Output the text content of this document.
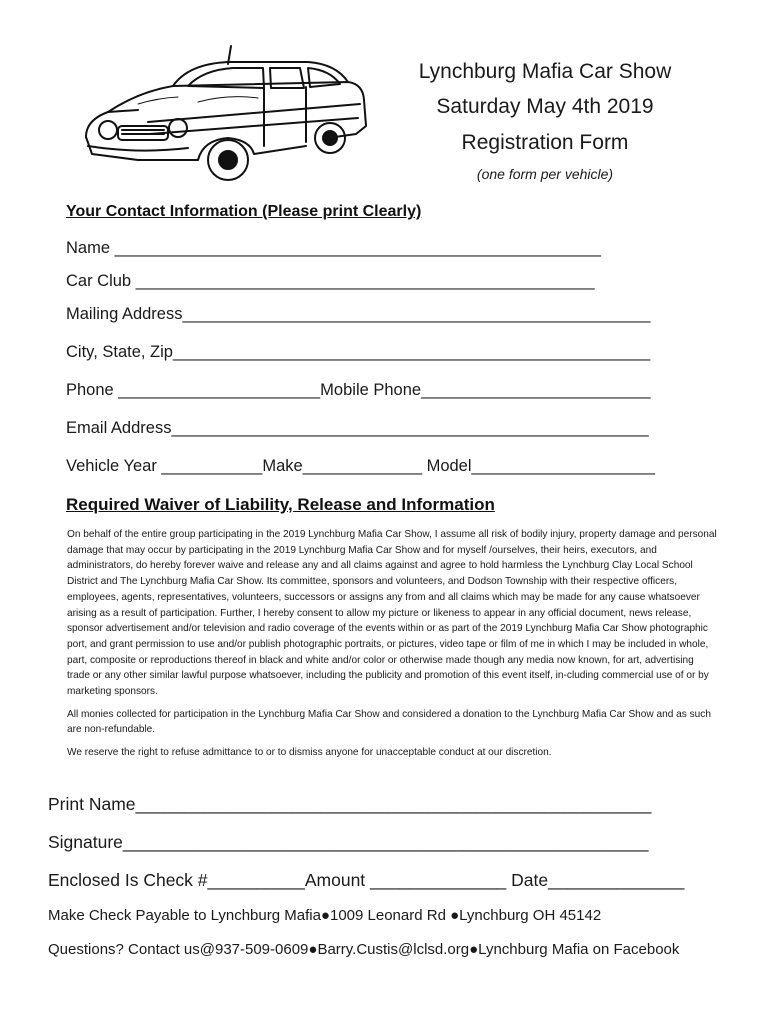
Lynchburg Mafia Car Show
Saturday May 4th 2019
Registration Form
(one form per vehicle)
Your Contact Information (Please print Clearly)
Name _____________________________________________________
Car Club __________________________________________________
Mailing Address___________________________________________________
City, State, Zip____________________________________________________
Phone ______________________Mobile Phone_________________________
Email Address____________________________________________________
Vehicle Year ___________Make_____________ Model____________________
Required Waiver of Liability, Release and Information

On behalf of the entire group participating in the 2019 Lynchburg Mafia Car Show, I assume all risk of bodily injury, property damage and personal damage that may occur by participating in the 2019 Lynchburg Mafia Car Show and for myself /ourselves, their heirs, executors, and administrators, do hereby forever waive and release any and all claims against and agree to hold harmless the Lynchburg Clay Local School District and The Lynchburg Mafia Car Show. Its committee, sponsors and volunteers, and Dodson Township with their respective officers, employees, agents, representatives, volunteers, successors or assigns any from and all claims which may be made for any cause whatsoever arising as a result of participation. Further, I hereby consent to allow my picture or likeness to appear in any official document, news release, sponsor advertisement and/or television and radio coverage of the events within or as part of the 2019 Lynchburg Mafia Car Show photographic port, and grant permission to use and/or publish photographic portraits, or pictures, video tape or film of me in which I may be included in whole, part, composite or reproductions thereof in black and white and/or color or otherwise made though any media now known, for art, advertising trade or any other similar lawful purpose whatsoever, including the publicity and promotion of this event itself, in-cluding commercial use of or by marketing sponsors.

All monies collected for participation in the Lynchburg Mafia Car Show and considered a donation to the Lynchburg Mafia Car Show and as such are non-refundable.

We reserve the right to refuse admittance to or to dismiss anyone for unacceptable conduct at our discretion.

Print Name_____________________________________________________
Signature______________________________________________________
Enclosed Is Check #__________Amount ______________ Date______________
Make Check Payable to Lynchburg Mafia●1009 Leonard Rd ●Lynchburg OH 45142
Questions? Contact us@937-509-0609●Barry.Custis@lclsd.org●Lynchburg Mafia on Facebook
